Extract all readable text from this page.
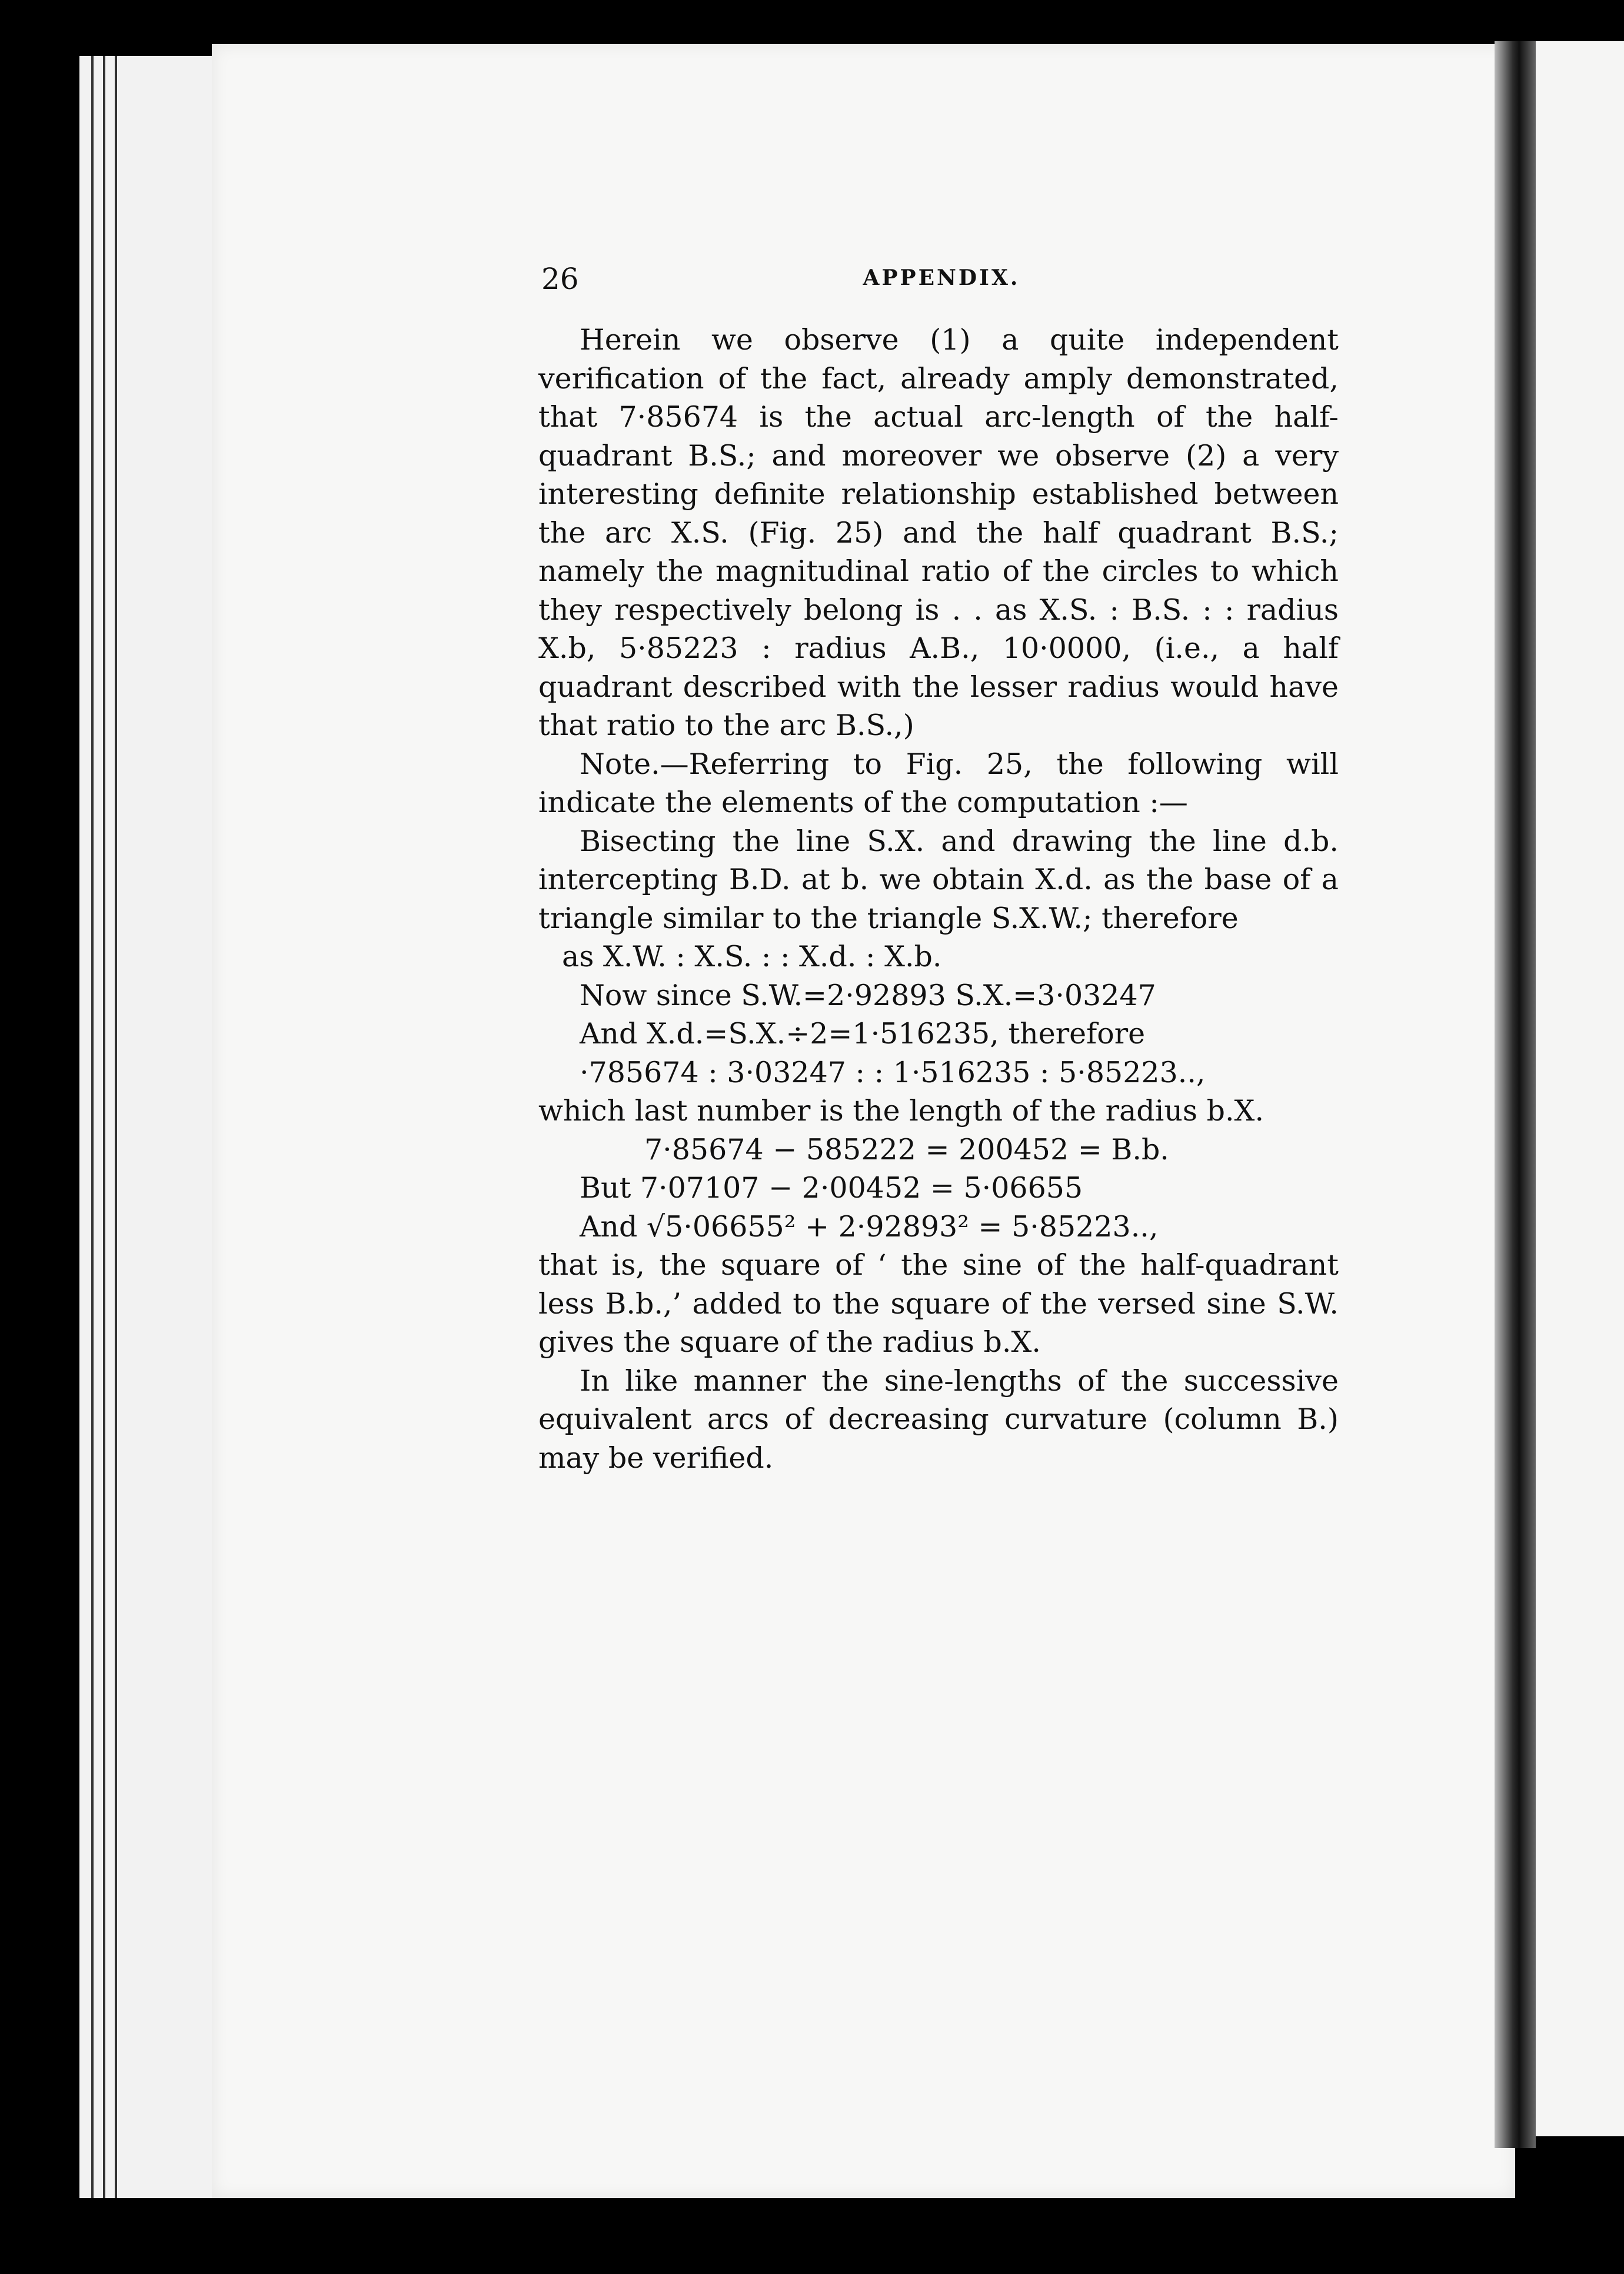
26	APPENDIX.

Herein we observe (1) a quite independent verification of the fact, already amply demonstrated, that 7·85674 is the actual arc-length of the half-quadrant B.S.; and moreover we observe (2) a very interesting definite relationship established between the arc X.S. (Fig. 25) and the half quadrant B.S.; namely the magnitudinal ratio of the circles to which they respectively belong is . . as X.S. : B.S. : : radius X.b, 5·85223 : radius A.B., 10·0000, (i.e., a half quadrant described with the lesser radius would have that ratio to the arc B.S.,)

Note.—Referring to Fig. 25, the following will indicate the elements of the computation :—

Bisecting the line S.X. and drawing the line d.b. intercepting B.D. at b. we obtain X.d. as the base of a triangle similar to the triangle S.X.W.; therefore

as X.W. : X.S. : : X.d. : X.b.

Now since S.W.=2·92893 S.X.=3·03247

And X.d.=S.X.÷2=1·516235, therefore

·785674 : 3·03247 : : 1·516235 : 5·85223..,

which last number is the length of the radius b.X.

7·85674 − 585222 = 200452 = B.b.

But 7·07107 − 2·00452 = 5·06655

And √5·06655² + 2·92893² = 5·85223..,

that is, the square of ‘ the sine of the half-quadrant less B.b.,’ added to the square of the versed sine S.W. gives the square of the radius b.X.

In like manner the sine-lengths of the successive equivalent arcs of decreasing curvature (column B.) may be verified.
